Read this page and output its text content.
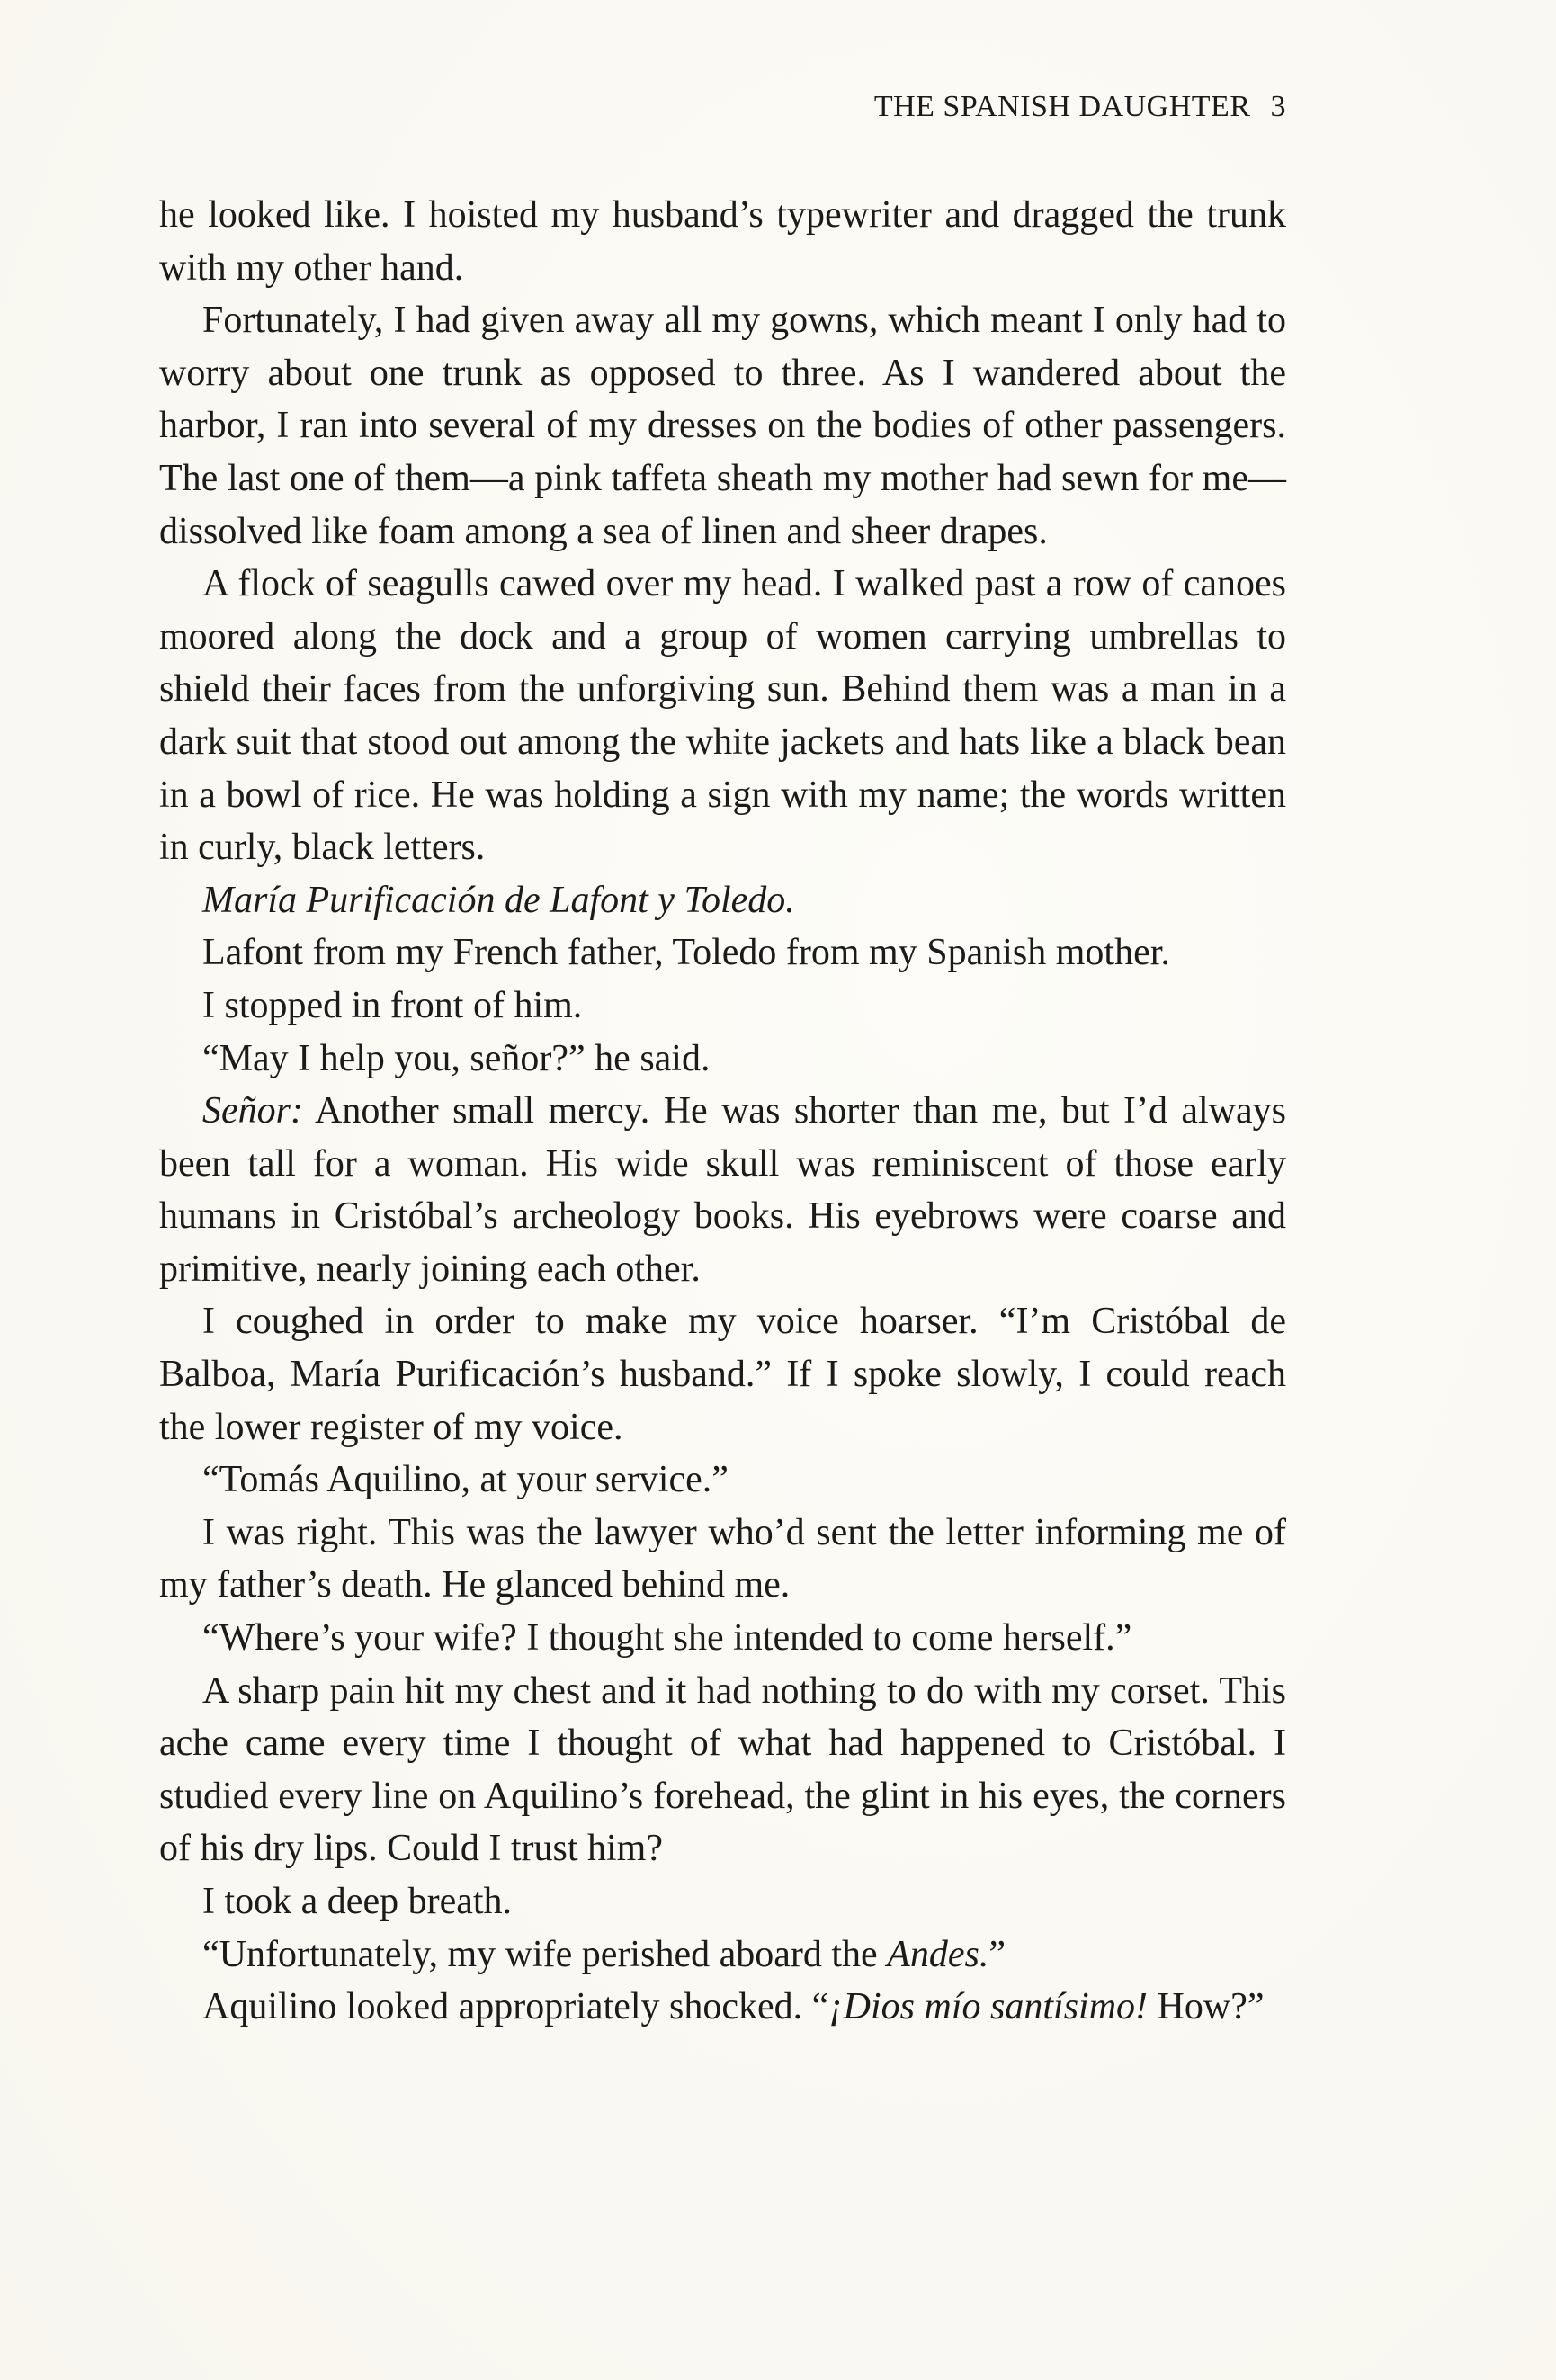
THE SPANISH DAUGHTER 3

he looked like. I hoisted my husband’s typewriter and dragged the trunk with my other hand.

Fortunately, I had given away all my gowns, which meant I only had to worry about one trunk as opposed to three. As I wandered about the harbor, I ran into several of my dresses on the bodies of other passengers. The last one of them—a pink taffeta sheath my mother had sewn for me—dissolved like foam among a sea of linen and sheer drapes.

A flock of seagulls cawed over my head. I walked past a row of canoes moored along the dock and a group of women carrying umbrellas to shield their faces from the unforgiving sun. Behind them was a man in a dark suit that stood out among the white jackets and hats like a black bean in a bowl of rice. He was holding a sign with my name; the words written in curly, black letters.

María Purificación de Lafont y Toledo.

Lafont from my French father, Toledo from my Spanish mother.

I stopped in front of him.

“May I help you, señor?” he said.

Señor: Another small mercy. He was shorter than me, but I’d always been tall for a woman. His wide skull was reminiscent of those early humans in Cristóbal’s archeology books. His eyebrows were coarse and primitive, nearly joining each other.

I coughed in order to make my voice hoarser. “I’m Cristóbal de Balboa, María Purificación’s husband.” If I spoke slowly, I could reach the lower register of my voice.

“Tomás Aquilino, at your service.”

I was right. This was the lawyer who’d sent the letter informing me of my father’s death. He glanced behind me.

“Where’s your wife? I thought she intended to come herself.”

A sharp pain hit my chest and it had nothing to do with my corset. This ache came every time I thought of what had happened to Cristóbal. I studied every line on Aquilino’s forehead, the glint in his eyes, the corners of his dry lips. Could I trust him?

I took a deep breath.

“Unfortunately, my wife perished aboard the Andes.”

Aquilino looked appropriately shocked. “¡Dios mío santísimo! How?”
